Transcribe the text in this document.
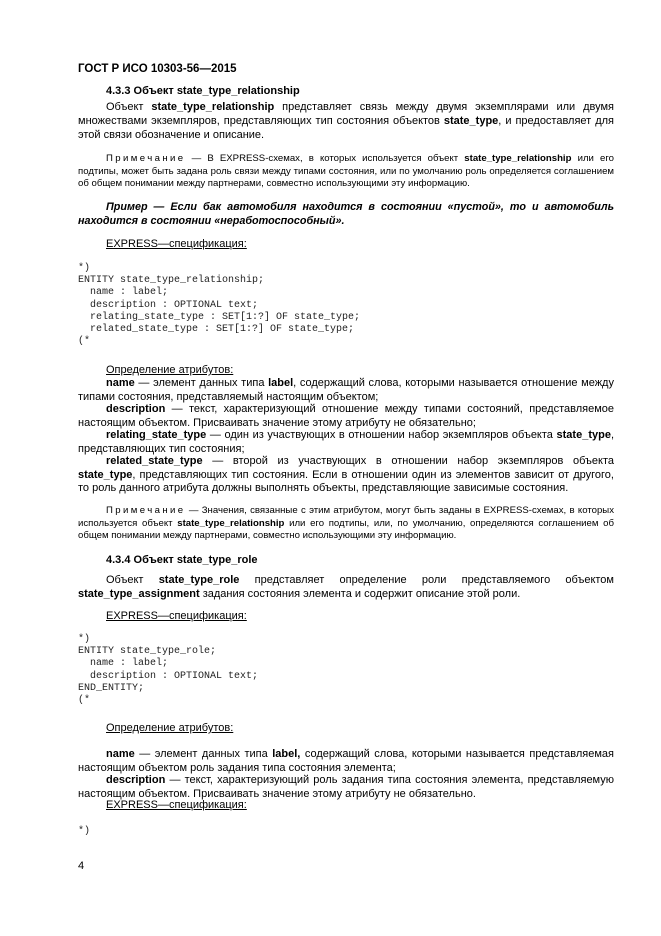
ГОСТ Р ИСО 10303-56—2015
4.3.3 Объект state_type_relationship
Объект state_type_relationship представляет связь между двумя экземплярами или двумя множествами экземпляров, представляющих тип состояния объектов state_type, и предоставляет для этой связи обозначение и описание.
Примечание — В EXPRESS-схемах, в которых используется объект state_type_relationship или его подтипы, может быть задана роль связи между типами состояния, или по умолчанию роль определяется соглашением об общем понимании между партнерами, совместно использующими эту информацию.
Пример — Если бак автомобиля находится в состоянии «пустой», то и автомобиль находится в состоянии «неработоспособный».
EXPRESS—спецификация:
*)
ENTITY state_type_relationship;
name : label;
description : OPTIONAL text;
relating_state_type : SET[1:?] OF state_type;
related_state_type : SET[1:?] OF state_type;
(*
Определение атрибутов:
name — элемент данных типа label, содержащий слова, которыми называется отношение между типами состояния, представляемый настоящим объектом;
description — текст, характеризующий отношение между типами состояний, представляемое настоящим объектом. Присваивать значение этому атрибуту не обязательно;
relating_state_type — один из участвующих в отношении набор экземпляров объекта state_type, представляющих тип состояния;
related_state_type — второй из участвующих в отношении набор экземпляров объекта state_type, представляющих тип состояния. Если в отношении один из элементов зависит от другого, то роль данного атрибута должны выполнять объекты, представляющие зависимые состояния.
Примечание — Значения, связанные с этим атрибутом, могут быть заданы в EXPRESS-схемах, в которых используется объект state_type_relationship или его подтипы, или, по умолчанию, определяются соглашением об общем понимании между партнерами, совместно использующими эту информацию.
4.3.4 Объект state_type_role
Объект state_type_role представляет определение роли представляемого объектом state_type_assignment задания состояния элемента и содержит описание этой роли.
EXPRESS—спецификация:
*)
ENTITY state_type_role;
name : label;
description : OPTIONAL text;
END_ENTITY;
(*
Определение атрибутов:
name — элемент данных типа label, содержащий слова, которыми называется представляемая настоящим объектом роль задания типа состояния элемента;
description — текст, характеризующий роль задания типа состояния элемента, представляемую настоящим объектом. Присваивать значение этому атрибуту не обязательно.
EXPRESS—спецификация:
*)
4
